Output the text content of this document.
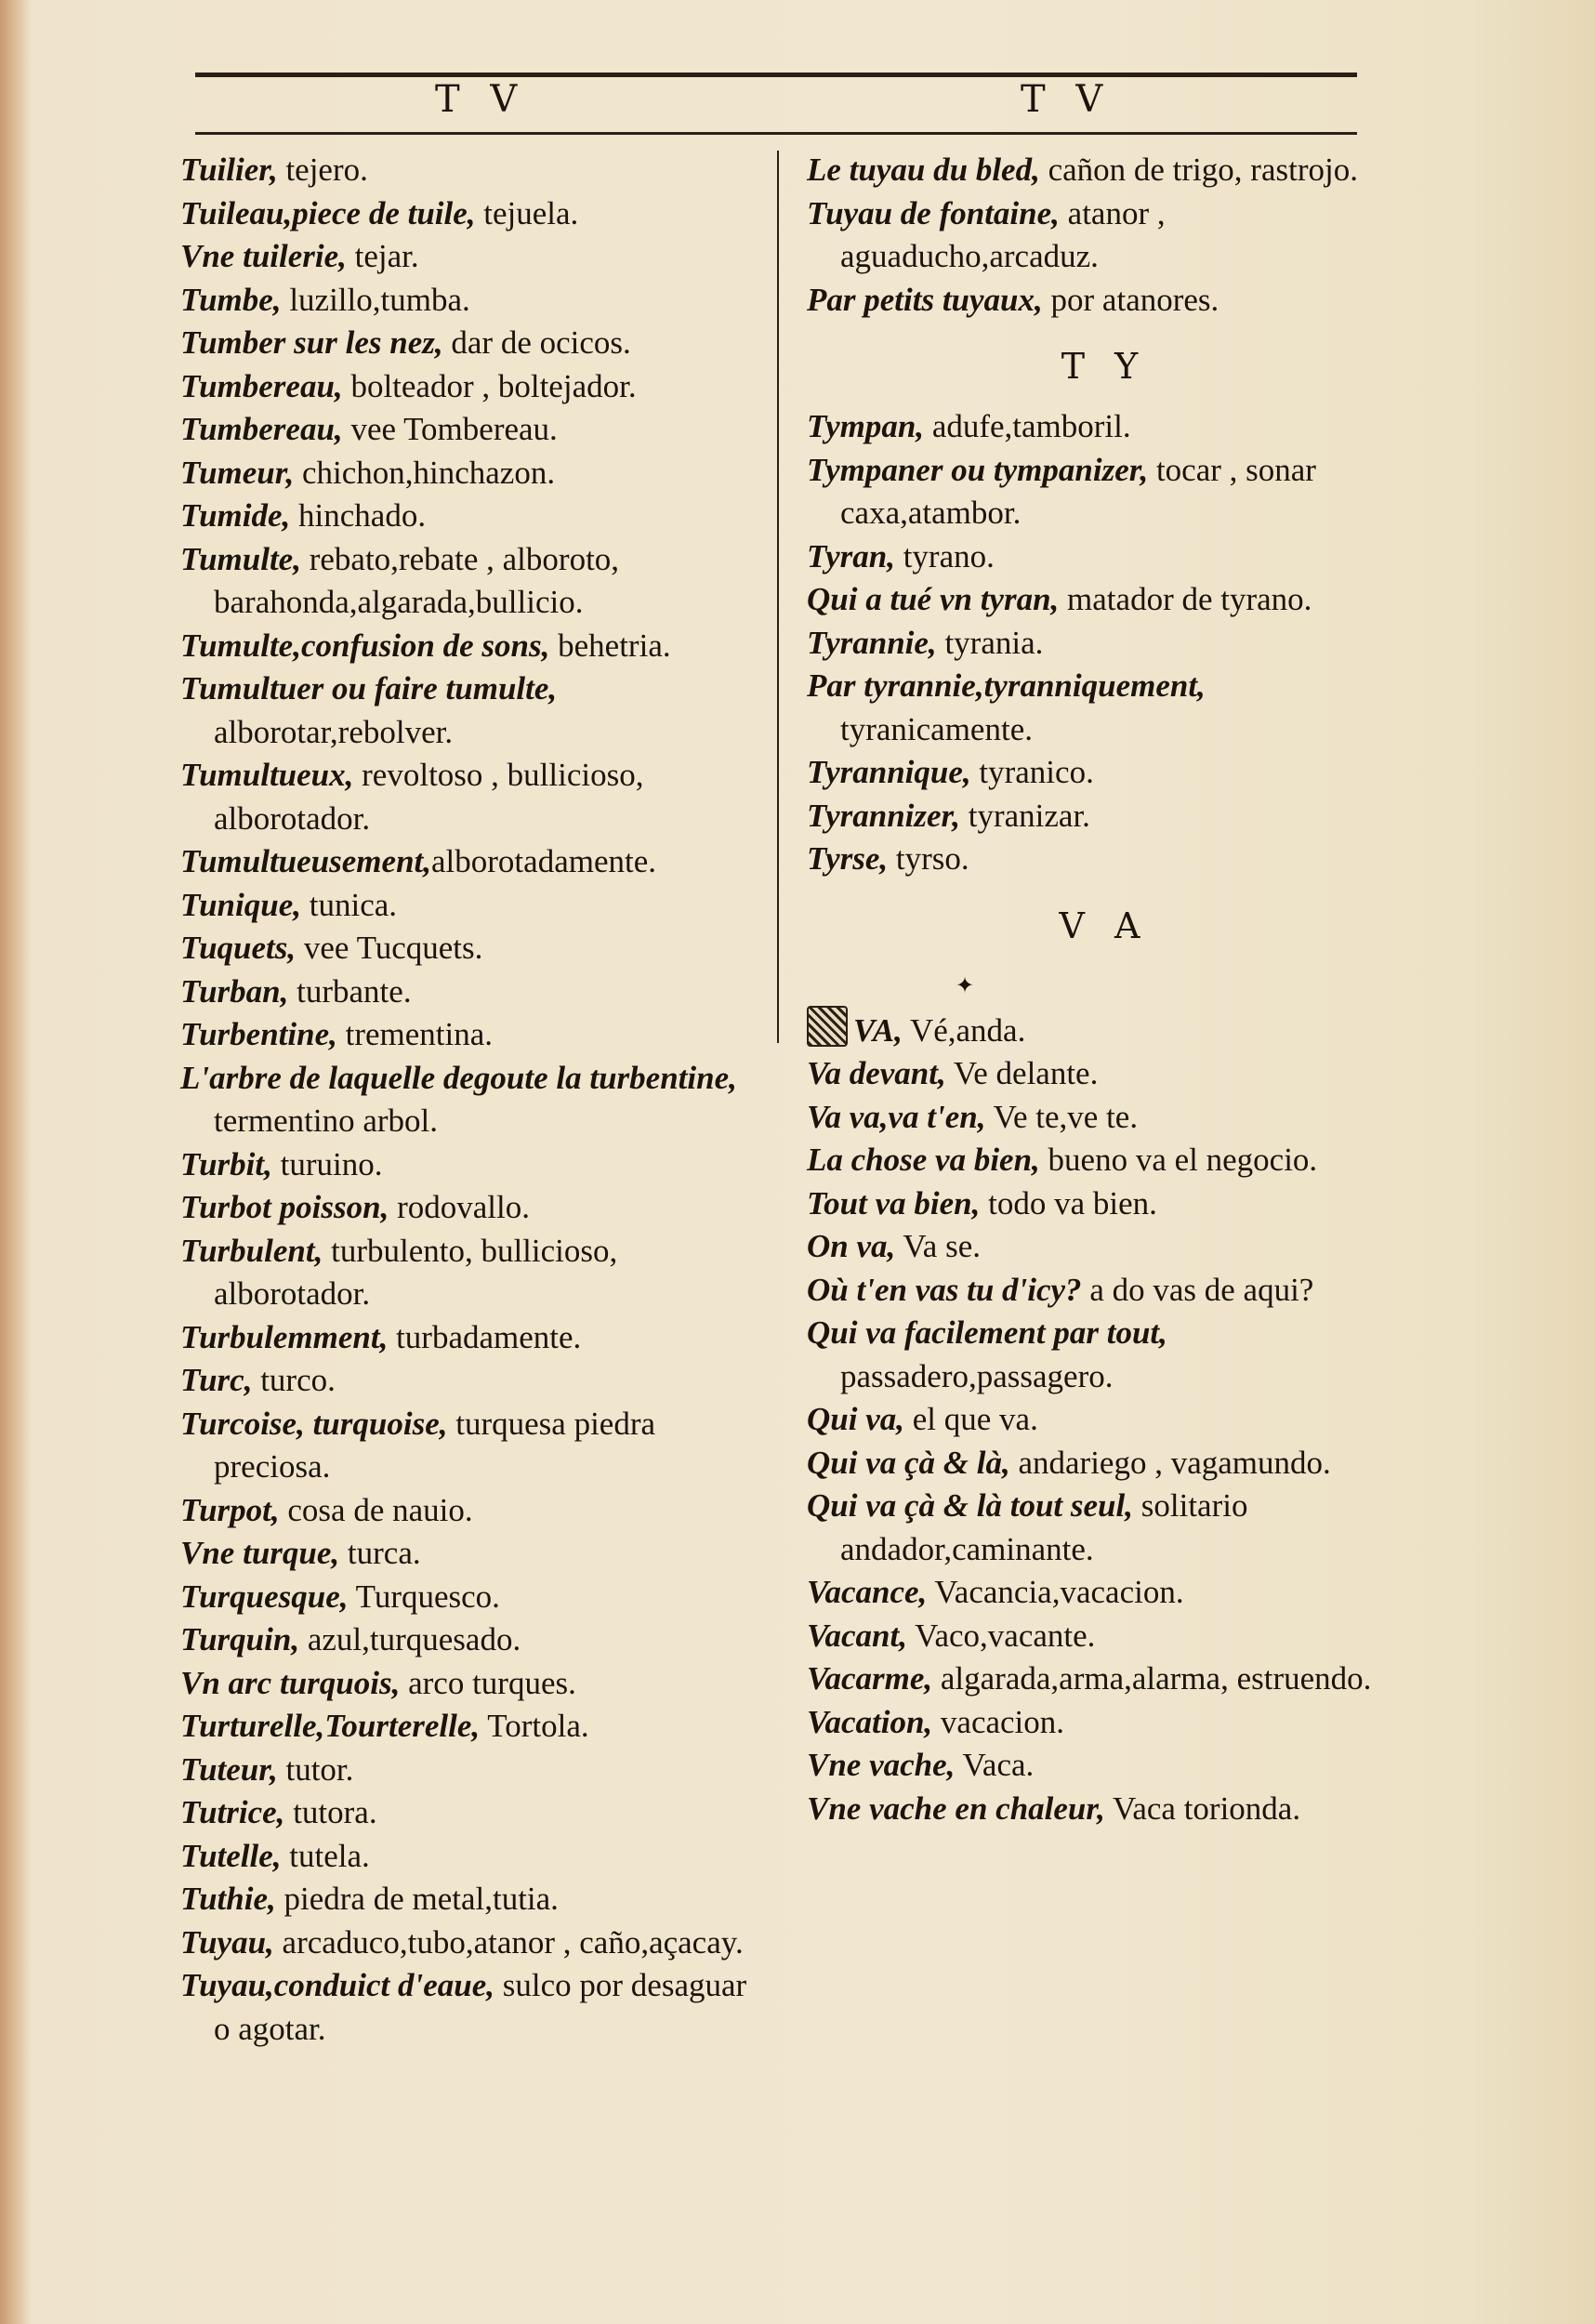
T V	T V
Tuilier, tejero.
Tuileau,piece de tuile, tejuela.
Vne tuilerie, tejar.
Tumbe, luzillo,tumba.
Tumber sur les nez, dar de ocicos.
Tumbereau, bolteador , boltejador.
Tumbereau, vee Tombereau.
Tumeur, chichon,hinchazon.
Tumide, hinchado.
Tumulte, rebato,rebate , alboroto, barahonda,algarada,bullicio.
Tumulte,confusion de sons, behetria.
Tumultuer ou faire tumulte, alborotar,rebolver.
Tumultueux, revoltoso , bullicioso, alborotador.
Tumultueusement,alborotadamente.
Tunique, tunica.
Tuquets, vee Tucquets.
Turban, turbante.
Turbentine, trementina.
L'arbre de laquelle degoute la turbentine, termentino arbol.
Turbit, turuino.
Turbot poisson, rodovallo.
Turbulent, turbulento, bullicioso, alborotador.
Turbulemment, turbadamente.
Turc, turco.
Turcoise, turquoise, turquesa piedra preciosa.
Turpot, cosa de nauio.
Vne turque, turca.
Turquesque, Turquesco.
Turquin, azul,turquesado.
Vn arc turquois, arco turques.
Turturelle,Tourterelle, Tortola.
Tuteur, tutor.
Tutrice, tutora.
Tutelle, tutela.
Tuthie, piedra de metal,tutia.
Tuyau, arcaduco,tubo,atanor , caño,açacay.
Tuyau,conduict d'eaue, sulco por desaguar o agotar.
Le tuyau du bled, cañon de trigo, rastrojo.
Tuyau de fontaine, atanor , aguaducho,arcaduz.
Par petits tuyaux, por atanores.
T Y
Tympan, adufe,tamboril.
Tympaner ou tympanizer, tocar , sonar caxa,atambor.
Tyran, tyrano.
Qui a tué vn tyran, matador de tyrano.
Tyrannie, tyrania.
Par tyrannie,tyranniquement, tyranicamente.
Tyrannique, tyranico.
Tyrannizer, tyranizar.
Tyrse, tyrso.
V A
✦
VA, Vé,anda.
Va devant, Ve delante.
Va va,va t'en, Ve te,ve te.
La chose va bien, bueno va el negocio.
Tout va bien, todo va bien.
On va, Va se.
Où t'en vas tu d'icy? a do vas de aqui?
Qui va facilement par tout, passadero,passagero.
Qui va, el que va.
Qui va çà & là, andariego , vagamundo.
Qui va çà & là tout seul, solitario andador,caminante.
Vacance, Vacancia,vacacion.
Vacant, Vaco,vacante.
Vacarme, algarada,arma,alarma, estruendo.
Vacation, vacacion.
Vne vache, Vaca.
Vne vache en chaleur, Vaca torionda.
